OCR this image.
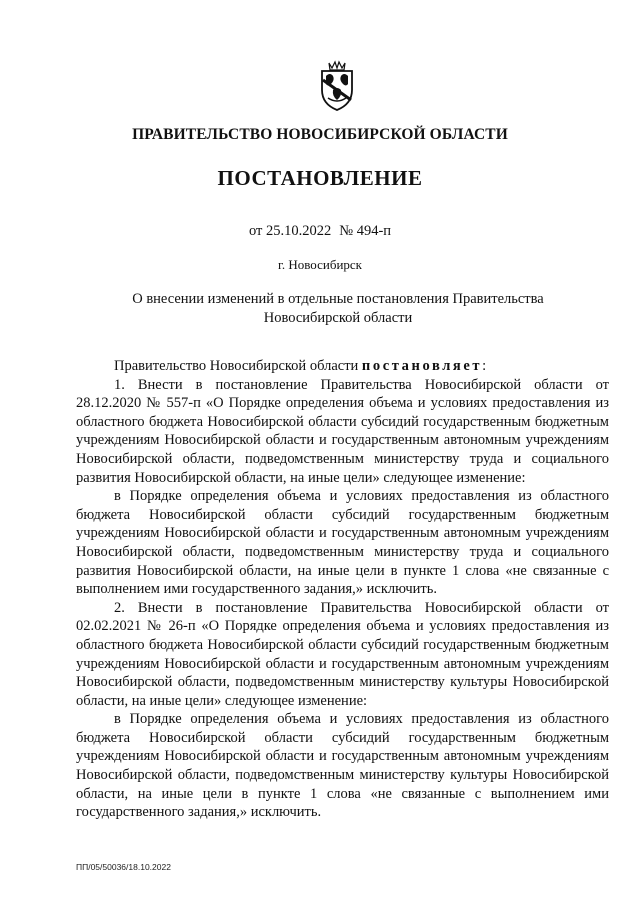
ПРАВИТЕЛЬСТВО НОВОСИБИРСКОЙ ОБЛАСТИ
ПОСТАНОВЛЕНИЕ
от 25.10.2022 № 494-п
г. Новосибирск
О внесении изменений в отдельные постановления Правительства Новосибирской области

Правительство Новосибирской области постановляет:

1. Внести в постановление Правительства Новосибирской области от 28.12.2020 № 557-п «О Порядке определения объема и условиях предоставления из областного бюджета Новосибирской области субсидий государственным бюджетным учреждениям Новосибирской области и государственным автономным учреждениям Новосибирской области, подведомственным министерству труда и социального развития Новосибирской области, на иные цели» следующее изменение:

в Порядке определения объема и условиях предоставления из областного бюджета Новосибирской области субсидий государственным бюджетным учреждениям Новосибирской области и государственным автономным учреждениям Новосибирской области, подведомственным министерству труда и социального развития Новосибирской области, на иные цели в пункте 1 слова «не связанные с выполнением ими государственного задания,» исключить.

2. Внести в постановление Правительства Новосибирской области от 02.02.2021 № 26-п «О Порядке определения объема и условиях предоставления из областного бюджета Новосибирской области субсидий государственным бюджетным учреждениям Новосибирской области и государственным автономным учреждениям Новосибирской области, подведомственным министерству культуры Новосибирской области, на иные цели» следующее изменение:

в Порядке определения объема и условиях предоставления из областного бюджета Новосибирской области субсидий государственным бюджетным учреждениям Новосибирской области и государственным автономным учреждениям Новосибирской области, подведомственным министерству культуры Новосибирской области, на иные цели в пункте 1 слова «не связанные с выполнением ими государственного задания,» исключить.

ПП/05/50036/18.10.2022
